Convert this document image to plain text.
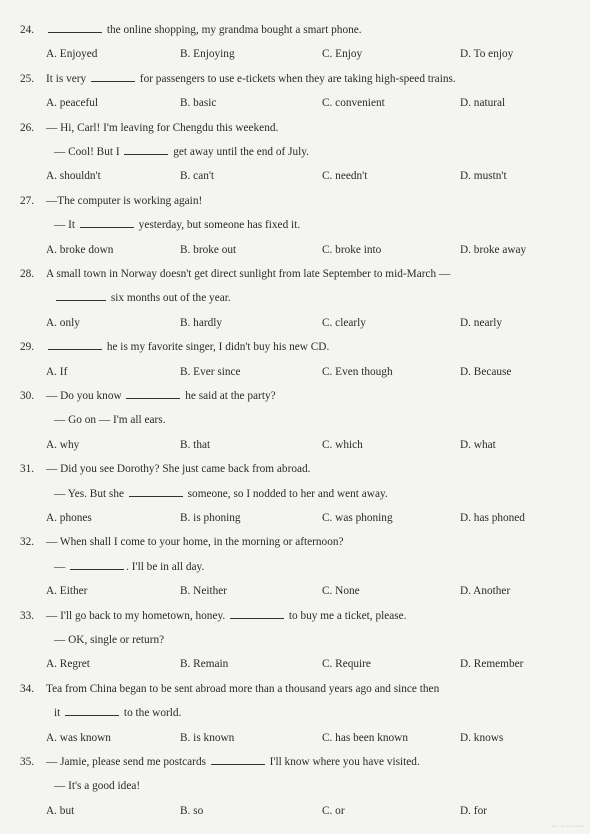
24.	the online shopping, my grandma bought a smart phone.
A. Enjoyed	B. Enjoying	C. Enjoy	D. To enjoy
25. It is very	for passengers to use e-tickets when they are taking high-speed trains.
A. peaceful	B. basic	C. convenient	D. natural
26. — Hi, Carl! I'm leaving for Chengdu this weekend.
— Cool! But I	get away until the end of July.
A. shouldn't	B. can't	C. needn't	D. mustn't
27. —The computer is working again!
— It	yesterday, but someone has fixed it.
A. broke down	B. broke out	C. broke into	D. broke away
28. A small town in Norway doesn't get direct sunlight from late September to mid-March —
six months out of the year.
A. only	B. hardly	C. clearly	D. nearly
29.	he is my favorite singer, I didn't buy his new CD.
A. If	B. Ever since	C. Even though	D. Because
30. — Do you know	he said at the party?
— Go on — I'm all ears.
A. why	B. that	C. which	D. what
31. — Did you see Dorothy? She just came back from abroad.
— Yes. But she	someone, so I nodded to her and went away.
A. phones	B. is phoning	C. was phoning	D. has phoned
32. — When shall I come to your home, in the morning or afternoon?
—	. I'll be in all day.
A. Either	B. Neither	C. None	D. Another
33. — I'll go back to my hometown, honey.	to buy me a ticket, please.
— OK, single or return?
A. Regret	B. Remain	C. Require	D. Remember
34. Tea from China began to be sent abroad more than a thousand years ago and since then
it	to the world.
A. was known	B. is known	C. has been known	D. knows
35. — Jamie, please send me postcards	I'll know where you have visited.
— It's a good idea!
A. but	B. so	C. or	D. for
··· ··· ·· ······
